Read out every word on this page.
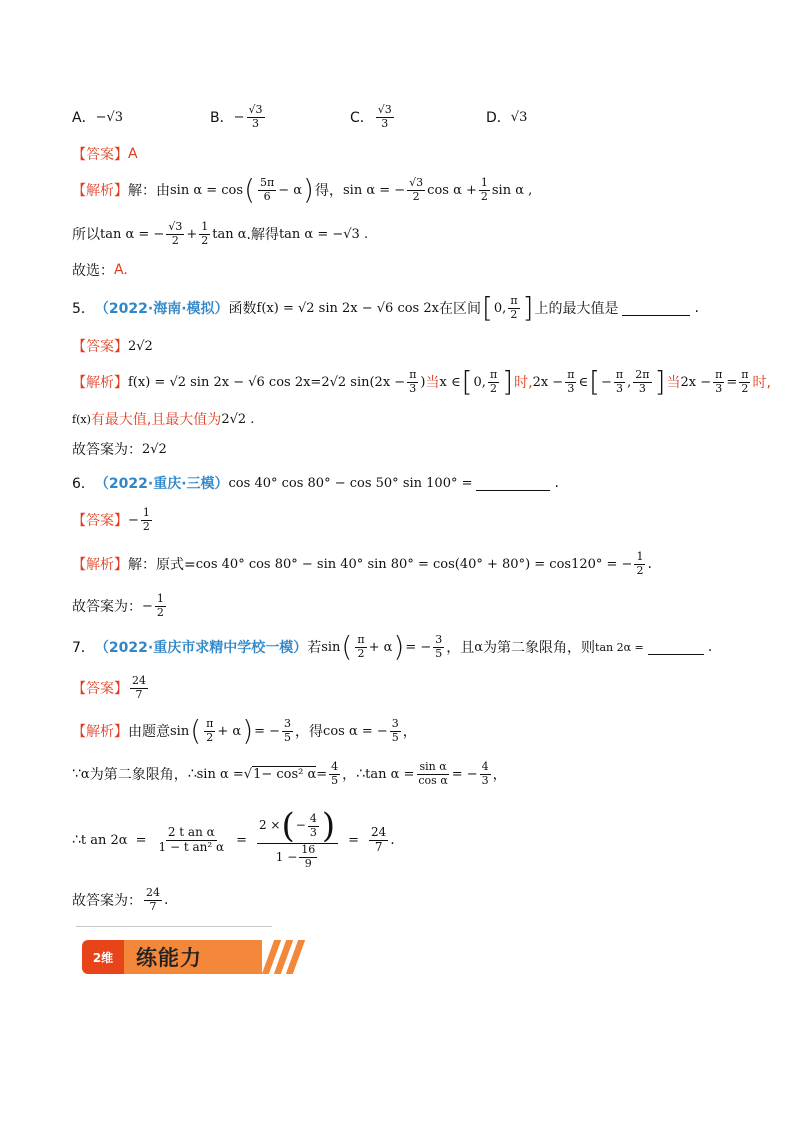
A． − √3	B． − $\frac{√3}{3}$	C． $\frac{√3}{3}$	D． √3
【答案】 A
【解析】 解：由 sin α = cos ( $\frac{5\pi}{6} - \alpha$ ) 得， sin α = − $\frac{√3}{2}$ $\cos \alpha + \frac{1}{2}$ sin α ,
所以 tan α = − $\frac{√3}{2} + \frac{1}{2}$ tan α .解得 tan α = −√3 .
故选： A.
5． （2022·海南·模拟） 函数 f(x) = √2 sin 2x − √6 cos 2x 在区间 [ 0, $\frac{\pi}{2}$ ] 上的最大值是	.
【答案】 2√2
【解析】 f(x) = √2 sin 2x − √6 cos 2x=2√2 $\sin(2x - \frac{\pi}{3}$ ) 当 x ∈ [ 0, $\frac{\pi}{2}$ ] 时, $2x - \frac{\pi}{3}$ ∈ [ − $\frac{\pi}{3}$ , $\frac{2\pi}{3}$ ] 当 $2x - \frac{\pi}{3} = \frac{\pi}{2}$ 时,
f(x) 有最大值,且最大值为 2√2 .
故答案为： 2√2
6． （2022·重庆·三模） cos 40° cos 80° − cos 50° sin 100° =	.
【答案】 − $\frac{1}{2}$
【解析】 解：原式= cos 40° cos 80° − sin 40° sin 80° = cos(40° + 80°) = cos120° = − $\frac{1}{2}$ .
故答案为： − $\frac{1}{2}$
7． （2022·重庆市求精中学校一模） 若 sin ( $\frac{\pi}{2} + \alpha$ ) = − $\frac{3}{5}$ ，且 α 为第二象限角，则 tan 2α =	.
【答案】 $\frac{24}{7}$
【解析】 由题意 sin ( $\frac{\pi}{2} + \alpha$ ) = − $\frac{3}{5}$ ，得 cos α = − $\frac{3}{5}$ ，
∵ α 为第二象限角， ∴ sin α = √ 1− cos² $\alpha = \frac{4}{5}$ ， ∴ $\tan \alpha = \frac{\text{sin α}}{\text{cos α}}$ = − $\frac{4}{3}$ ，
∴ t an $2\alpha = \frac{\text{2 t an α}}{\text{1 − t an² α}} = \frac{2 \times ( - \frac{4}{3} )}{1 - \frac{16}{9}} = \frac{24}{7}$ .
故答案为： $\frac{24}{7}$ .
2维	练能力
